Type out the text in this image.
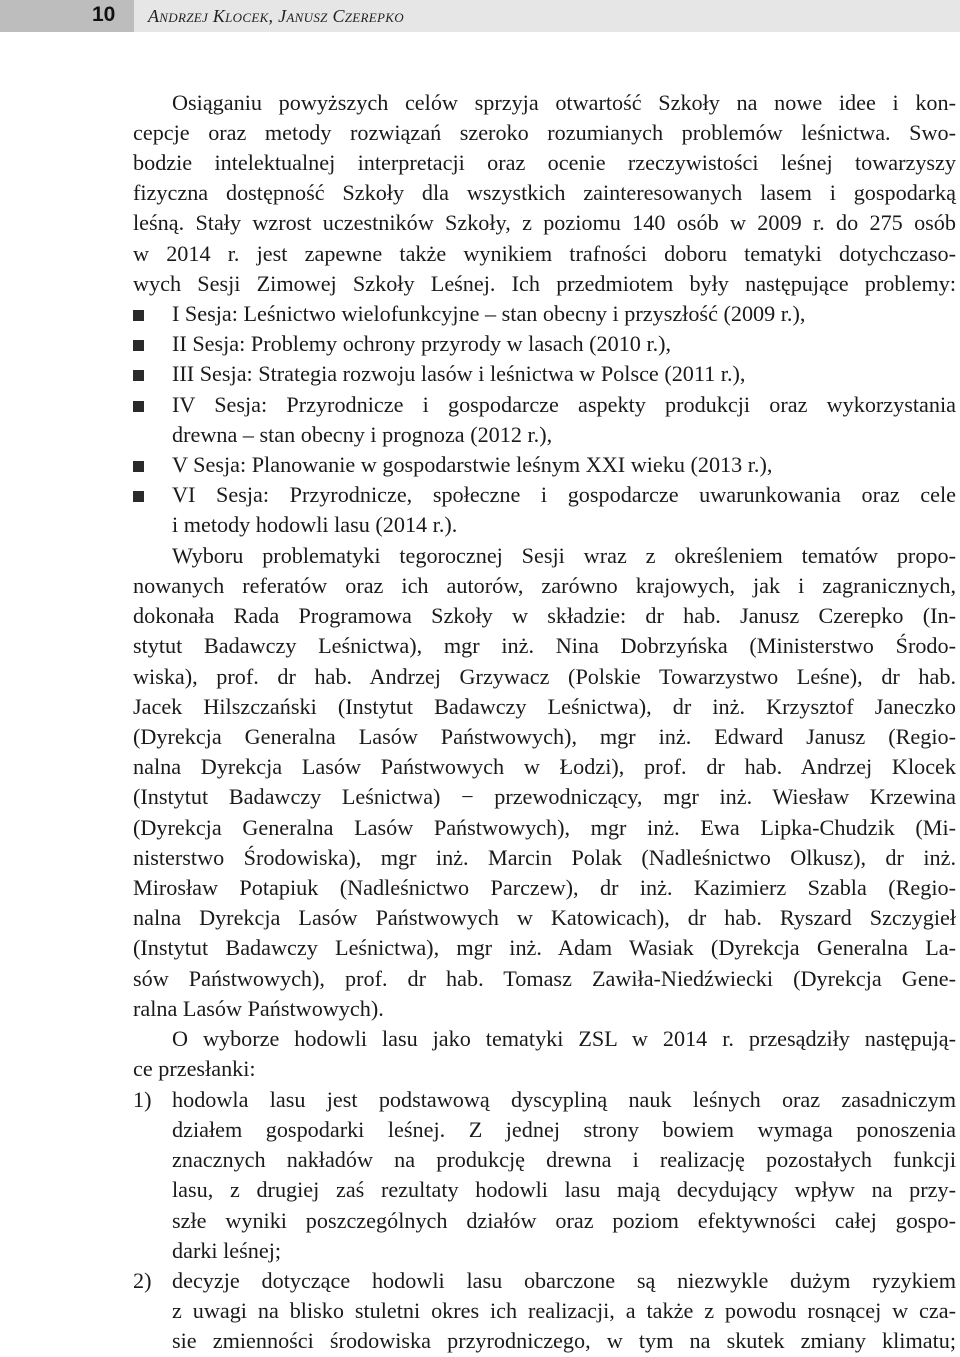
10 Andrzej Klocek, Janusz Czerepko
Osiąganiu powyższych celów sprzyja otwartość Szkoły na nowe idee i kon-
cepcje oraz metody rozwiązań szeroko rozumianych problemów leśnictwa. Swo-
bodzie intelektualnej interpretacji oraz ocenie rzeczywistości leśnej towarzyszy
fizyczna dostępność Szkoły dla wszystkich zainteresowanych lasem i gospodarką
leśną. Stały wzrost uczestników Szkoły, z poziomu 140 osób w 2009 r. do 275 osób
w 2014 r. jest zapewne także wynikiem trafności doboru tematyki dotychczaso-
wych Sesji Zimowej Szkoły Leśnej. Ich przedmiotem były następujące problemy:
I Sesja: Leśnictwo wielofunkcyjne – stan obecny i przyszłość (2009 r.),
II Sesja: Problemy ochrony przyrody w lasach (2010 r.),
III Sesja: Strategia rozwoju lasów i leśnictwa w Polsce (2011 r.),
IV Sesja: Przyrodnicze i gospodarcze aspekty produkcji oraz wykorzystania
drewna – stan obecny i prognoza (2012 r.),
V Sesja: Planowanie w gospodarstwie leśnym XXI wieku (2013 r.),
VI Sesja: Przyrodnicze, społeczne i gospodarcze uwarunkowania oraz cele
i metody hodowli lasu (2014 r.).
Wyboru problematyki tegorocznej Sesji wraz z określeniem tematów propo-
nowanych referatów oraz ich autorów, zarówno krajowych, jak i zagranicznych,
dokonała Rada Programowa Szkoły w składzie: dr hab. Janusz Czerepko (In-
stytut Badawczy Leśnictwa), mgr inż. Nina Dobrzyńska (Ministerstwo Środo-
wiska), prof. dr hab. Andrzej Grzywacz (Polskie Towarzystwo Leśne), dr hab.
Jacek Hilszczański (Instytut Badawczy Leśnictwa), dr inż. Krzysztof Janeczko
(Dyrekcja Generalna Lasów Państwowych), mgr inż. Edward Janusz (Regio-
nalna Dyrekcja Lasów Państwowych w Łodzi), prof. dr hab. Andrzej Klocek
(Instytut Badawczy Leśnictwa) − przewodniczący, mgr inż. Wiesław Krzewina
(Dyrekcja Generalna Lasów Państwowych), mgr inż. Ewa Lipka-Chudzik (Mi-
nisterstwo Środowiska), mgr inż. Marcin Polak (Nadleśnictwo Olkusz), dr inż.
Mirosław Potapiuk (Nadleśnictwo Parczew), dr inż. Kazimierz Szabla (Regio-
nalna Dyrekcja Lasów Państwowych w Katowicach), dr hab. Ryszard Szczygieł
(Instytut Badawczy Leśnictwa), mgr inż. Adam Wasiak (Dyrekcja Generalna La-
sów Państwowych), prof. dr hab. Tomasz Zawiła-Niedźwiecki (Dyrekcja Gene-
ralna Lasów Państwowych).
O wyborze hodowli lasu jako tematyki ZSL w 2014 r. przesądziły następują-
ce przesłanki:
1) hodowla lasu jest podstawową dyscypliną nauk leśnych oraz zasadniczym
działem gospodarki leśnej. Z jednej strony bowiem wymaga ponoszenia
znacznych nakładów na produkcję drewna i realizację pozostałych funkcji
lasu, z drugiej zaś rezultaty hodowli lasu mają decydujący wpływ na przy-
szłe wyniki poszczególnych działów oraz poziom efektywności całej gospo-
darki leśnej;
2) decyzje dotyczące hodowli lasu obarczone są niezwykle dużym ryzykiem
z uwagi na blisko stuletni okres ich realizacji, a także z powodu rosnącej w cza-
sie zmienności środowiska przyrodniczego, w tym na skutek zmiany klimatu;
